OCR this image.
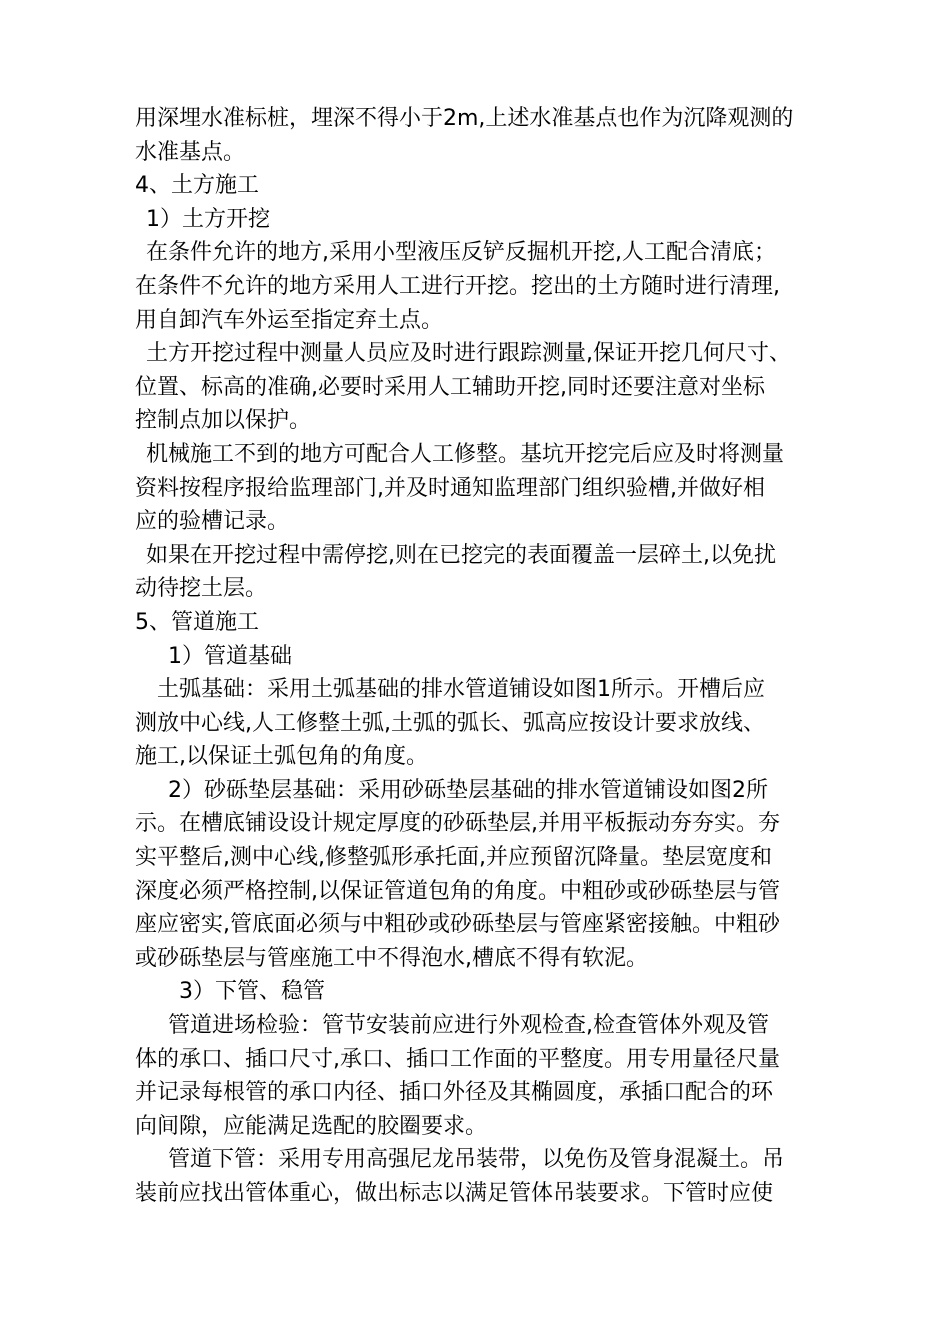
用深埋水准标桩，埋深不得小于2m,上述水准基点也作为沉降观测的
水准基点。
4、土方施工
1）土方开挖
在条件允许的地方,采用小型液压反铲反掘机开挖,人工配合清底；
在条件不允许的地方采用人工进行开挖。挖出的土方随时进行清理,
用自卸汽车外运至指定弃土点。
土方开挖过程中测量人员应及时进行跟踪测量,保证开挖几何尺寸、
位置、标高的准确,必要时采用人工辅助开挖,同时还要注意对坐标
控制点加以保护。
机械施工不到的地方可配合人工修整。基坑开挖完后应及时将测量
资料按程序报给监理部门,并及时通知监理部门组织验槽,并做好相
应的验槽记录。
如果在开挖过程中需停挖,则在已挖完的表面覆盖一层碎土,以免扰
动待挖土层。
5、管道施工
1）管道基础
土弧基础：采用土弧基础的排水管道铺设如图1所示。开槽后应
测放中心线,人工修整土弧,土弧的弧长、弧高应按设计要求放线、
施工,以保证土弧包角的角度。
2）砂砾垫层基础：采用砂砾垫层基础的排水管道铺设如图2所
示。在槽底铺设设计规定厚度的砂砾垫层,并用平板振动夯夯实。夯
实平整后,测中心线,修整弧形承托面,并应预留沉降量。垫层宽度和
深度必须严格控制,以保证管道包角的角度。中粗砂或砂砾垫层与管
座应密实,管底面必须与中粗砂或砂砾垫层与管座紧密接触。中粗砂
或砂砾垫层与管座施工中不得泡水,槽底不得有软泥。
3）下管、稳管
管道进场检验：管节安装前应进行外观检查,检查管体外观及管
体的承口、插口尺寸,承口、插口工作面的平整度。用专用量径尺量
并记录每根管的承口内径、插口外径及其椭圆度，承插口配合的环
向间隙，应能满足选配的胶圈要求。
管道下管：采用专用高强尼龙吊装带，以免伤及管身混凝土。吊
装前应找出管体重心，做出标志以满足管体吊装要求。下管时应使
